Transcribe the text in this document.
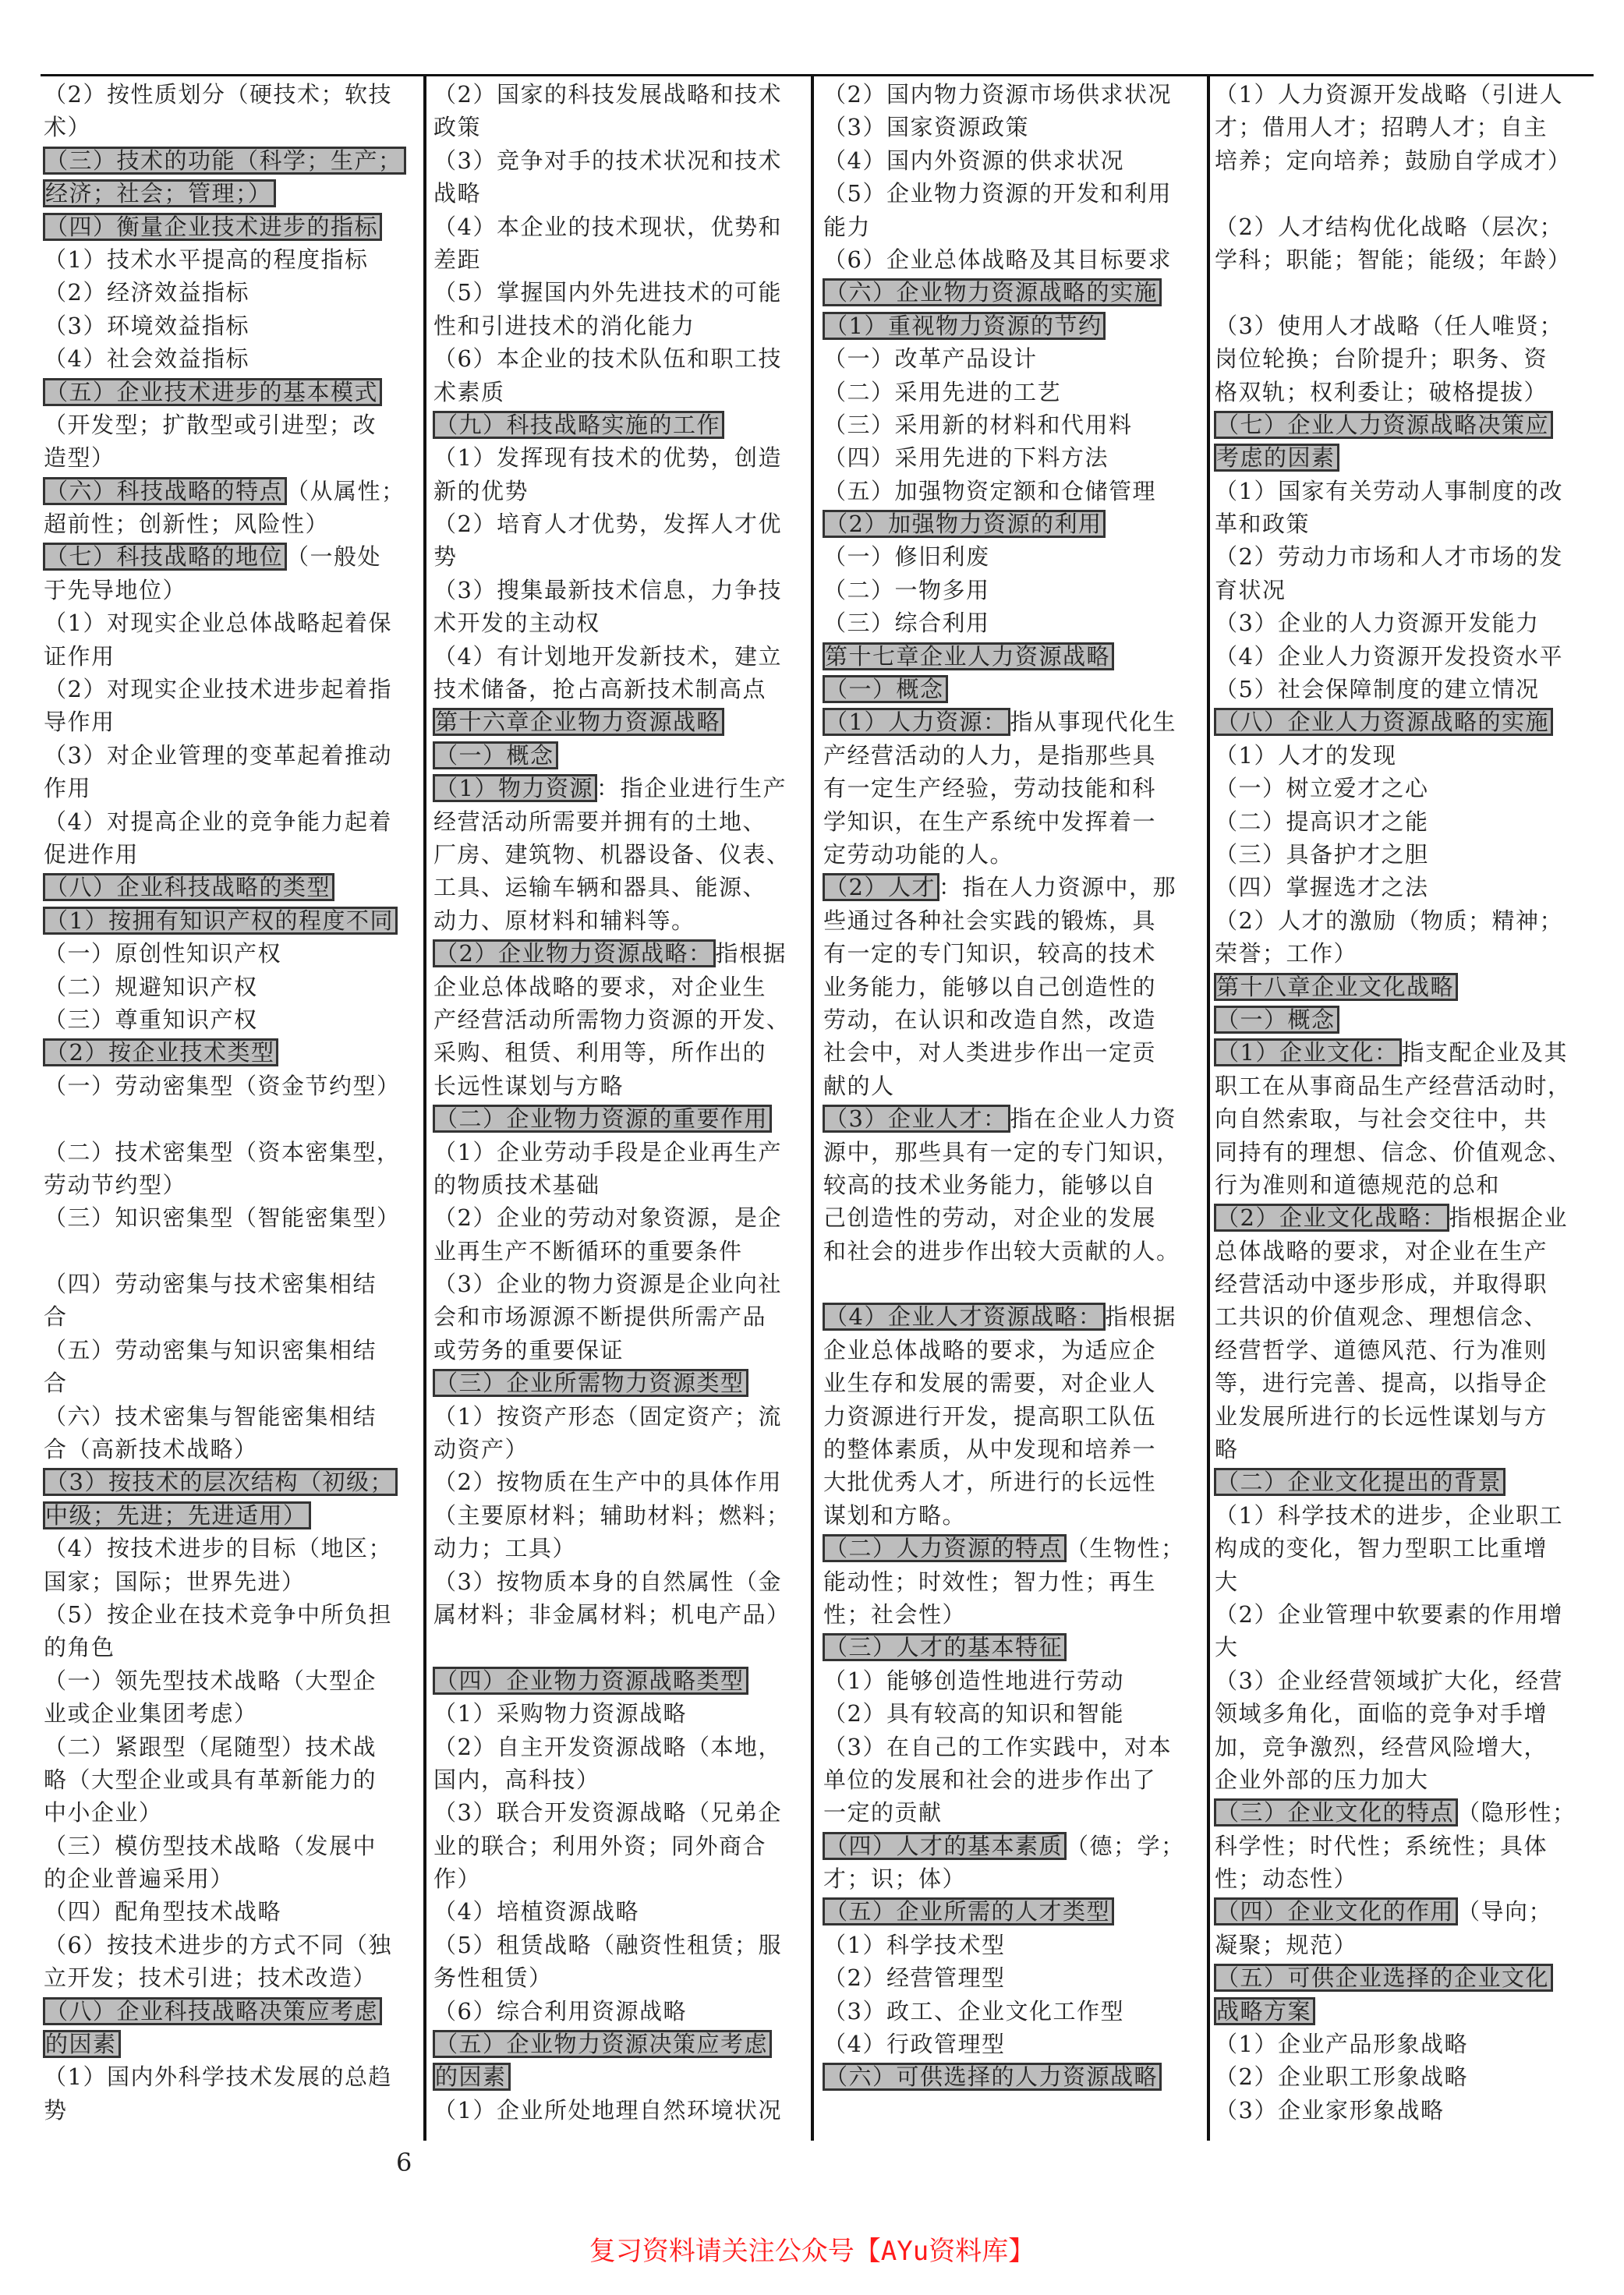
（2）按性质划分（硬技术；软技
术）
（三）技术的功能（科学；生产；
经济；社会；管理；）
（四）衡量企业技术进步的指标
（1）技术水平提高的程度指标
（2）经济效益指标
（3）环境效益指标
（4）社会效益指标
（五）企业技术进步的基本模式
（开发型；扩散型或引进型；改
造型）
（六）科技战略的特点 （从属性；
超前性；创新性；风险性）
（七）科技战略的地位 （一般处
于先导地位）
（1）对现实企业总体战略起着保
证作用
（2）对现实企业技术进步起着指
导作用
（3）对企业管理的变革起着推动
作用
（4）对提高企业的竞争能力起着
促进作用
（八）企业科技战略的类型
（1）按拥有知识产权的程度不同
（一）原创性知识产权
（二）规避知识产权
（三）尊重知识产权
（2）按企业技术类型
（一）劳动密集型（资金节约型）
（二）技术密集型（资本密集型，
劳动节约型）
（三）知识密集型（智能密集型）
（四）劳动密集与技术密集相结
合
（五）劳动密集与知识密集相结
合
（六）技术密集与智能密集相结
合（高新技术战略）
（3）按技术的层次结构（初级；
中级；先进；先进适用）
（4）按技术进步的目标（地区；
国家；国际；世界先进）
（5）按企业在技术竞争中所负担
的角色
（一）领先型技术战略（大型企
业或企业集团考虑）
（二）紧跟型（尾随型）技术战
略（大型企业或具有革新能力的
中小企业）
（三）模仿型技术战略（发展中
的企业普遍采用）
（四）配角型技术战略
（6）按技术进步的方式不同（独
立开发；技术引进；技术改造）
（八）企业科技战略决策应考虑
的因素
（1）国内外科学技术发展的总趋
势
（2）国家的科技发展战略和技术
政策
（3）竞争对手的技术状况和技术
战略
（4）本企业的技术现状，优势和
差距
（5）掌握国内外先进技术的可能
性和引进技术的消化能力
（6）本企业的技术队伍和职工技
术素质
（九）科技战略实施的工作
（1）发挥现有技术的优势，创造
新的优势
（2）培育人才优势，发挥人才优
势
（3）搜集最新技术信息，力争技
术开发的主动权
（4）有计划地开发新技术，建立
技术储备，抢占高新技术制高点
第十六章企业物力资源战略
（一）概念
（1）物力资源 ：指企业进行生产
经营活动所需要并拥有的土地、
厂房、建筑物、机器设备、仪表、
工具、运输车辆和器具、能源、
动力、原材料和辅料等。
（2）企业物力资源战略： 指根据
企业总体战略的要求，对企业生
产经营活动所需物力资源的开发、
采购、租赁、利用等，所作出的
长远性谋划与方略
（二）企业物力资源的重要作用
（1）企业劳动手段是企业再生产
的物质技术基础
（2）企业的劳动对象资源，是企
业再生产不断循环的重要条件
（3）企业的物力资源是企业向社
会和市场源源不断提供所需产品
或劳务的重要保证
（三）企业所需物力资源类型
（1）按资产形态（固定资产；流
动资产）
（2）按物质在生产中的具体作用
（主要原材料；辅助材料；燃料；
动力；工具）
（3）按物质本身的自然属性（金
属材料；非金属材料；机电产品）
（四）企业物力资源战略类型
（1）采购物力资源战略
（2）自主开发资源战略（本地，
国内，高科技）
（3）联合开发资源战略（兄弟企
业的联合；利用外资；同外商合
作）
（4）培植资源战略
（5）租赁战略（融资性租赁；服
务性租赁）
（6）综合利用资源战略
（五）企业物力资源决策应考虑
的因素
（1）企业所处地理自然环境状况
（2）国内物力资源市场供求状况
（3）国家资源政策
（4）国内外资源的供求状况
（5）企业物力资源的开发和利用
能力
（6）企业总体战略及其目标要求
（六）企业物力资源战略的实施
（1）重视物力资源的节约
（一）改革产品设计
（二）采用先进的工艺
（三）采用新的材料和代用料
（四）采用先进的下料方法
（五）加强物资定额和仓储管理
（2）加强物力资源的利用
（一）修旧利废
（二）一物多用
（三）综合利用
第十七章企业人力资源战略
（一）概念
（1）人力资源： 指从事现代化生
产经营活动的人力，是指那些具
有一定生产经验，劳动技能和科
学知识，在生产系统中发挥着一
定劳动功能的人。
（2）人才 ：指在人力资源中，那
些通过各种社会实践的锻炼，具
有一定的专门知识，较高的技术
业务能力，能够以自己创造性的
劳动，在认识和改造自然，改造
社会中，对人类进步作出一定贡
献的人
（3）企业人才： 指在企业人力资
源中，那些具有一定的专门知识，
较高的技术业务能力，能够以自
己创造性的劳动，对企业的发展
和社会的进步作出较大贡献的人。
（4）企业人才资源战略： 指根据
企业总体战略的要求，为适应企
业生存和发展的需要，对企业人
力资源进行开发，提高职工队伍
的整体素质，从中发现和培养一
大批优秀人才，所进行的长远性
谋划和方略。
（二）人力资源的特点 （生物性；
能动性；时效性；智力性；再生
性；社会性）
（三）人才的基本特征
（1）能够创造性地进行劳动
（2）具有较高的知识和智能
（3）在自己的工作实践中，对本
单位的发展和社会的进步作出了
一定的贡献
（四）人才的基本素质 （德；学；
才；识；体）
（五）企业所需的人才类型
（1）科学技术型
（2）经营管理型
（3）政工、企业文化工作型
（4）行政管理型
（六）可供选择的人力资源战略
（1）人力资源开发战略（引进人
才；借用人才；招聘人才；自主
培养；定向培养；鼓励自学成才）
（2）人才结构优化战略（层次；
学科；职能；智能；能级；年龄）
（3）使用人才战略（任人唯贤；
岗位轮换；台阶提升；职务、资
格双轨；权利委让；破格提拔）
（七）企业人力资源战略决策应
考虑的因素
（1）国家有关劳动人事制度的改
革和政策
（2）劳动力市场和人才市场的发
育状况
（3）企业的人力资源开发能力
（4）企业人力资源开发投资水平
（5）社会保障制度的建立情况
（八）企业人力资源战略的实施
（1）人才的发现
（一）树立爱才之心
（二）提高识才之能
（三）具备护才之胆
（四）掌握选才之法
（2）人才的激励（物质；精神；
荣誉；工作）
第十八章企业文化战略
（一）概念
（1）企业文化： 指支配企业及其
职工在从事商品生产经营活动时，
向自然索取，与社会交往中，共
同持有的理想、信念、价值观念、
行为准则和道德规范的总和
（2）企业文化战略： 指根据企业
总体战略的要求，对企业在生产
经营活动中逐步形成，并取得职
工共识的价值观念、理想信念、
经营哲学、道德风范、行为准则
等，进行完善、提高，以指导企
业发展所进行的长远性谋划与方
略
（二）企业文化提出的背景
（1）科学技术的进步，企业职工
构成的变化，智力型职工比重增
大
（2）企业管理中软要素的作用增
大
（3）企业经营领域扩大化，经营
领域多角化，面临的竞争对手增
加，竞争激烈，经营风险增大，
企业外部的压力加大
（三）企业文化的特点 （隐形性；
科学性；时代性；系统性；具体
性；动态性）
（四）企业文化的作用 （导向；
凝聚；规范）
（五）可供企业选择的企业文化
战略方案
（1）企业产品形象战略
（2）企业职工形象战略
（3）企业家形象战略
6
复习资料请关注公众号【AYu资料库】
